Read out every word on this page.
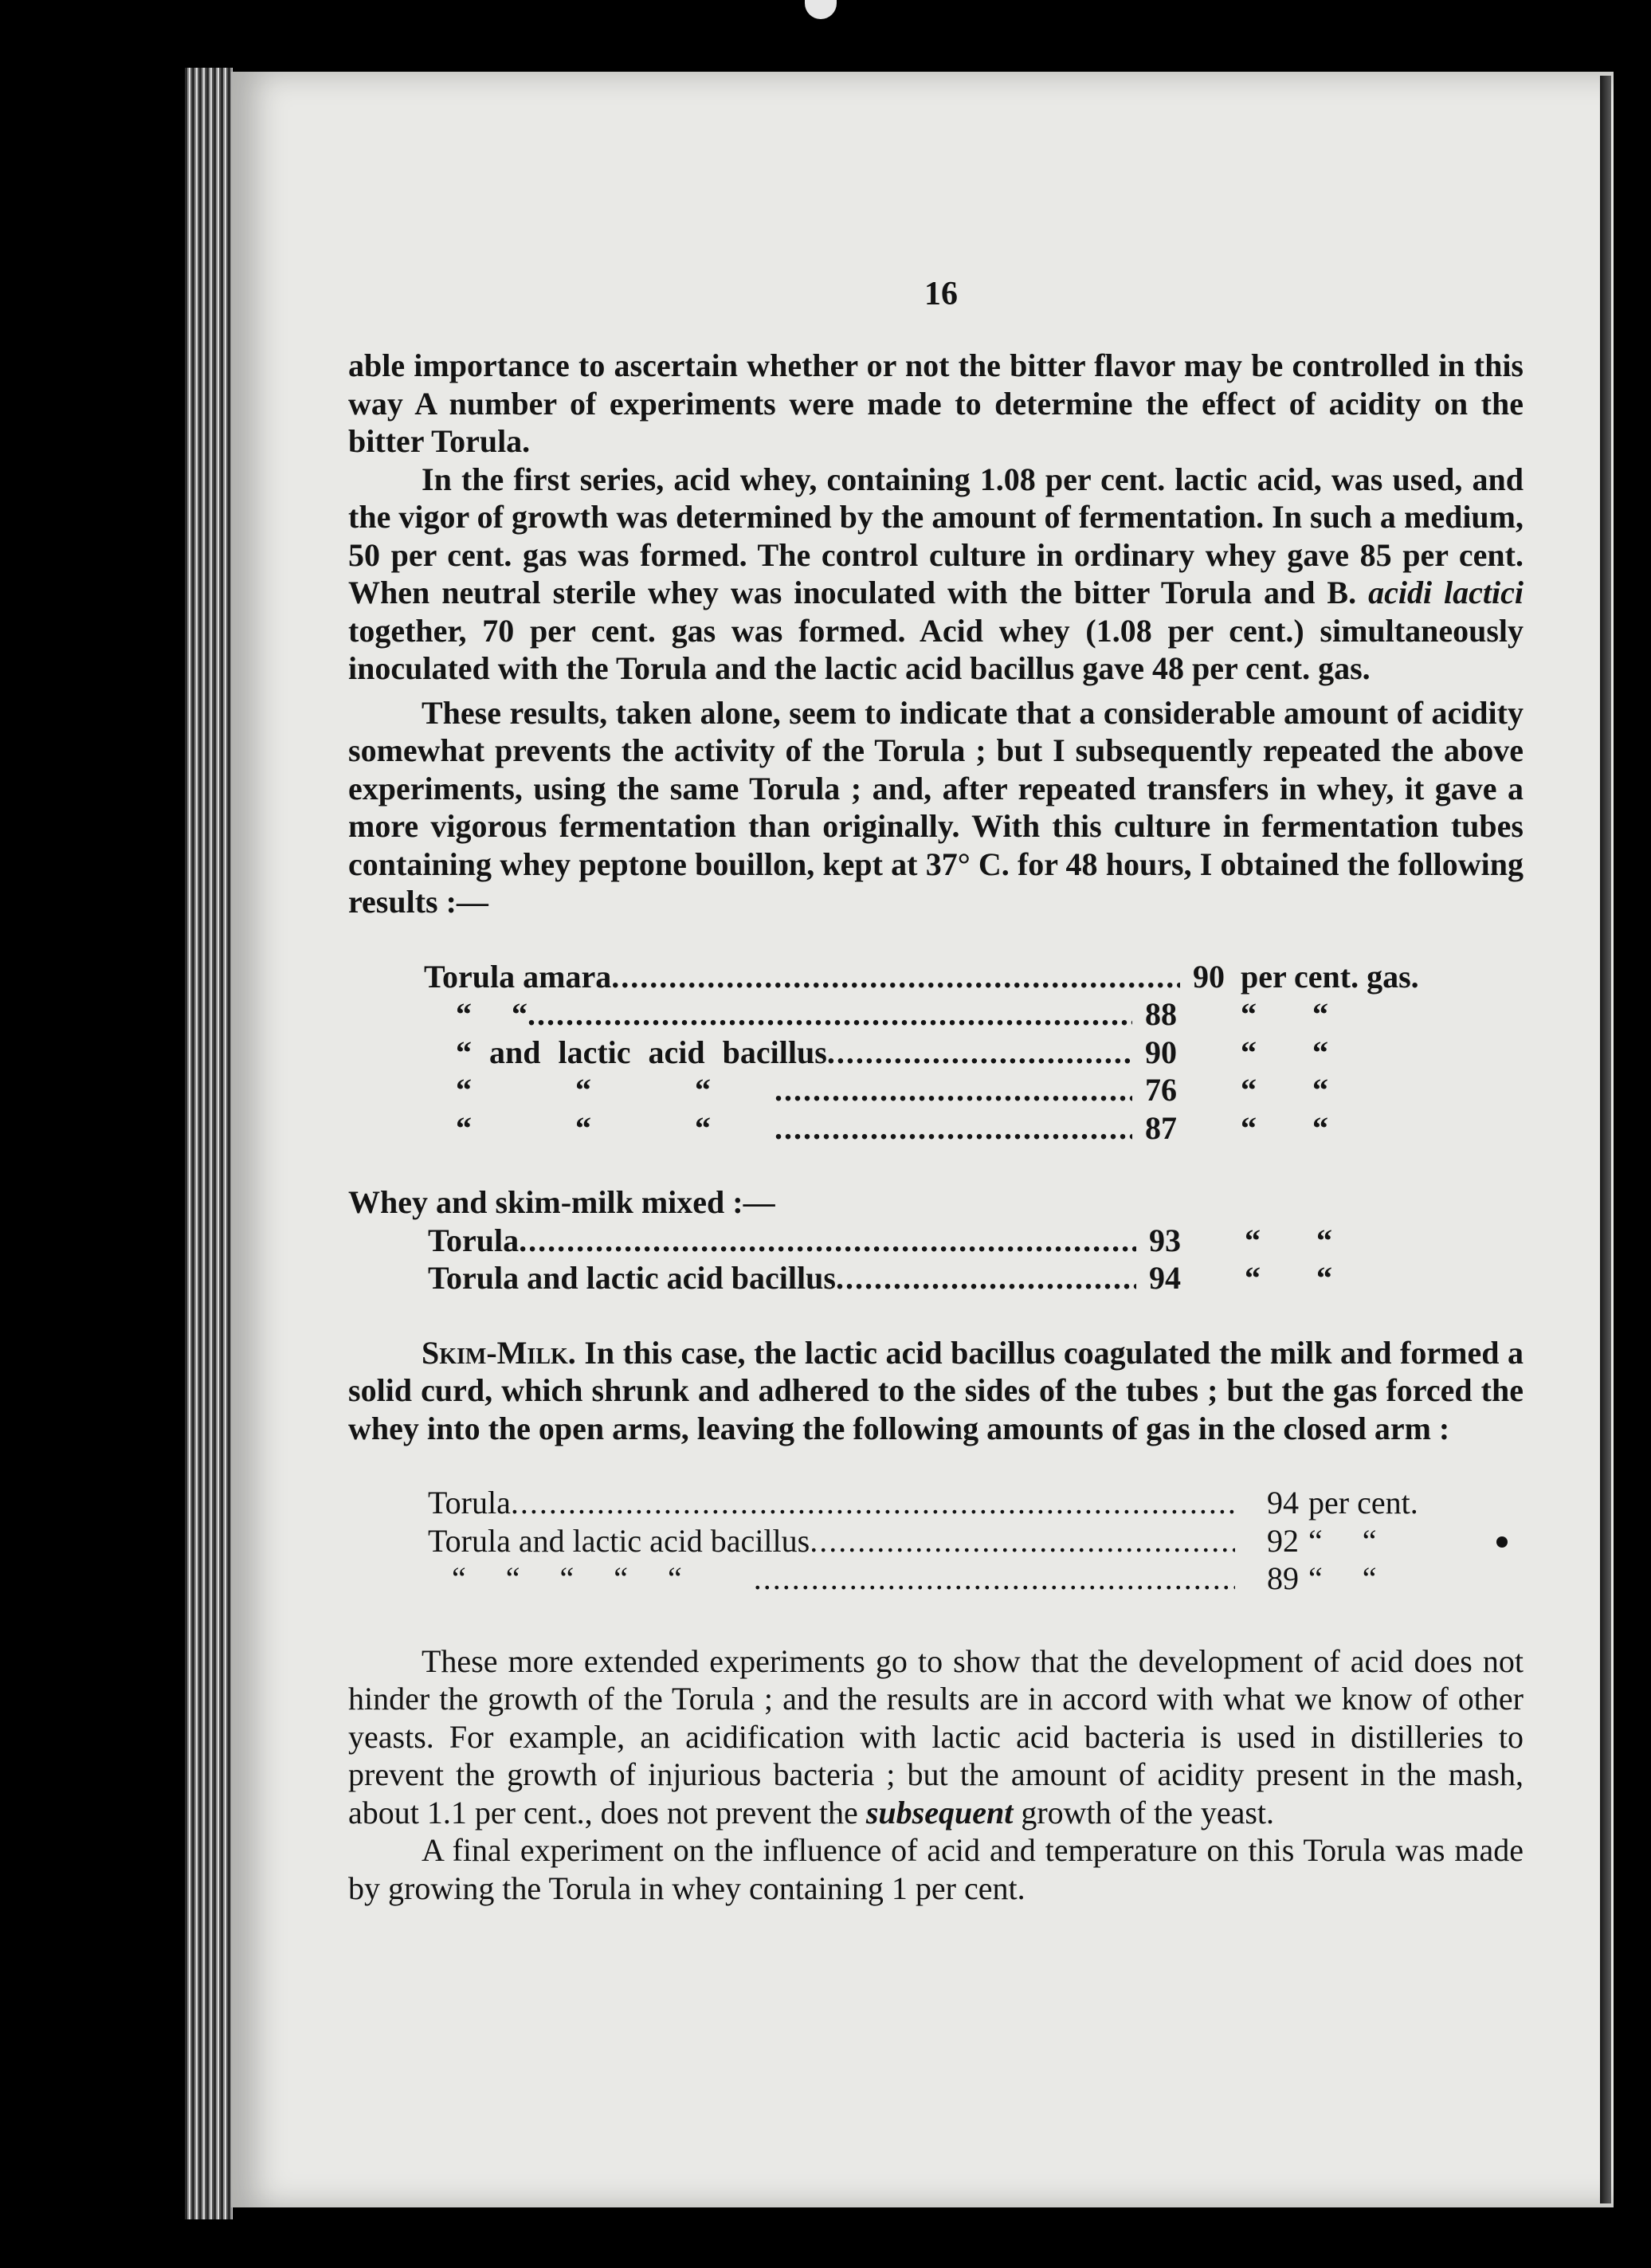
16

able importance to ascertain whether or not the bitter flavor may be controlled in this way A number of experiments were made to determine the effect of acidity on the bitter Torula.

In the first series, acid whey, containing 1.08 per cent. lactic acid, was used, and the vigor of growth was determined by the amount of fermentation. In such a medium, 50 per cent. gas was formed. The control culture in ordinary whey gave 85 per cent. When neutral sterile whey was inoculated with the bitter Torula and B. acidi lactici together, 70 per cent. gas was formed. Acid whey (1.08 per cent.) simultaneously inoculated with the Torula and the lactic acid bacillus gave 48 per cent. gas.

These results, taken alone, seem to indicate that a considerable amount of acidity somewhat prevents the activity of the Torula ; but I subsequently repeated the above experiments, using the same Torula ; and, after repeated transfers in whey, it gave a more vigorous fermentation than originally. With this culture in fermentation tubes containing whey peptone bouillon, kept at 37° C. for 48 hours, I obtained the following results :—

Torula amara .....	90 per cent. gas.
“ “ .....	88	“ “
“ and lactic acid bacillus .....	90	“ “
“ “ “ .....	76	“ “
“ “ “ .....	87	“ “

Whey and skim-milk mixed :—

Torula .....	93	“ “
Torula and lactic acid bacillus .....	94	“ “

Skim-Milk. In this case, the lactic acid bacillus coagulated the milk and formed a solid curd, which shrunk and adhered to the sides of the tubes ; but the gas forced the whey into the open arms, leaving the following amounts of gas in the closed arm :

Torula .....	94 per cent.
Torula and lactic acid bacillus .....	92 “ “
“ “ “ “ “ .....	89 “ “

These more extended experiments go to show that the development of acid does not hinder the growth of the Torula ; and the results are in accord with what we know of other yeasts. For example, an acidification with lactic acid bacteria is used in distilleries to prevent the growth of injurious bacteria ; but the amount of acidity present in the mash, about 1.1 per cent., does not prevent the subsequent growth of the yeast.

A final experiment on the influence of acid and temperature on this Torula was made by growing the Torula in whey containing 1 per cent.
